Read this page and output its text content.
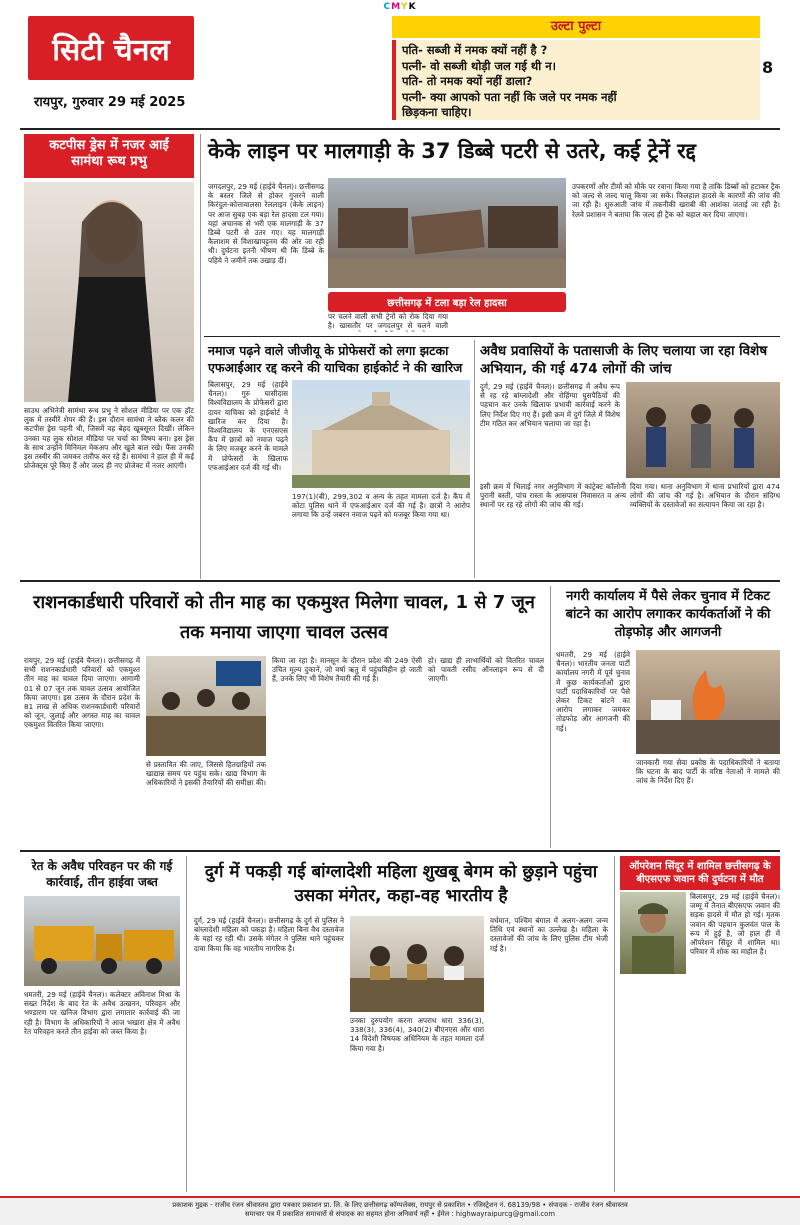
CMYK
सिटी चैनल
रायपुर, गुरुवार 29 मई 2025
उल्टा पुल्टा
पति- सब्जी में नमक क्यों नहीं है ?
पत्नी- वो सब्जी थोड़ी जल गई थी न।
पति- तो नमक क्यों नहीं डाला?
पत्नी- क्या आपको पता नहीं कि जले पर नमक नहीं
छिड़कना चाहिए।
8
कटपीस ड्रेस में नजर आईं सामंथा रूथ प्रभु
साउथ अभिनेत्री सामंथा रूथ प्रभु ने सोशल मीडिया पर एक हॉट लुक में तस्वीरें शेयर की हैं। इस दौरान सामंथा ने ब्लैक कलर की कटपीस ड्रेस पहनी थी, जिसमें वह बेहद खूबसूरत दिखीं। लेकिन उनका यह लुक सोशल मीडिया पर चर्चा का विषय बना। इस ड्रेस के साथ उन्होंने मिनिमल मेकअप और खुले बाल रखे। फैंस उनकी इस तस्वीर की जमकर तारीफ कर रहे हैं। सामंथा ने हाल ही में कई प्रोजेक्ट्स पूरे किए हैं और जल्द ही नए प्रोजेक्ट में नजर आएंगी।
केके लाइन पर मालगाड़ी के 37 डिब्बे पटरी से उतरे, कई ट्रेनें रद्द
जगदलपुर, 29 मई (हाईवे चैनल)। छत्तीसगढ़ के बस्तर जिले से होकर गुजरने वाली किरंदुल-कोत्तावालसा रेललाइन (केके लाइन) पर आज सुबह एक बड़ा रेल हादसा टल गया। यहां अचानक से भरी एक मालगाड़ी के 37 डिब्बे पटरी से उतर गए। यह मालगाड़ी कैलाशम से विशाखापट्टनम की ओर जा रही थी। दुर्घटना इतनी भीषण थी कि डिब्बे के पहिये ने जमीनें तक उखाड़ दीं।
छत्तीसगढ़ में टला बड़ा रेल हादसा
पर चलने वाली सभी ट्रेनों को रोक दिया गया है। खासतौर पर जगदलपुर से चलने वाली
उपकरणों और टीमों को मौके पर रवाना किया गया है ताकि डिब्बों को हटाकर ट्रैक को जल्द से जल्द चालू किया जा सके। फिलहाल हादसे के कारणों की जांच की जा रही है। शुरुआती जांच में तकनीकी खराबी की आशंका जताई जा रही है। रेलवे प्रशासन ने बताया कि जल्द ही ट्रैक को बहाल कर दिया जाएगा।
नमाज पढ़ने वाले जीजीयू के प्रोफेसरों को लगा झटका एफआईआर रद्द करने की याचिका हाईकोर्ट ने की खारिज
बिलासपुर, 29 मई (हाईवे चैनल)। गुरु घासीदास विश्वविद्यालय के प्रोफेसरों द्वारा दायर याचिका को हाईकोर्ट ने खारिज कर दिया है। विश्वविद्यालय के एनएसएस कैंप में छात्रों को नमाज पढ़ने के लिए मजबूर करने के मामले में प्रोफेसरों के खिलाफ एफआईआर दर्ज की गई थी।
197(1)(बी), 299,302 व अन्य के तहत मामला दर्ज है। कैंप में कोटा पुलिस थाने में एफआईआर दर्ज की गई है। छात्रों ने आरोप लगाया कि उन्हें जबरन नमाज पढ़ने को मजबूर किया गया था।
अवैध प्रवासियों के पतासाजी के लिए चलाया जा रहा विशेष अभियान, की गई 474 लोगों की जांच
दुर्ग, 29 मई (हाईवे चैनल)। छत्तीसगढ़ में अवैध रूप से रह रहे बांग्लादेशी और रोहिंग्या घुसपैठियों की पहचान कर उनके खिलाफ प्रभावी कार्रवाई करने के लिए निर्देश दिए गए हैं। इसी क्रम में दुर्ग जिले में विशेष टीम गठित कर अभियान चलाया जा रहा है।
इसी क्रम में भिलाई नगर अनुविभाग में कांट्रेक्ट कॉलोनी पुरानी बस्ती, पांच रास्ता के आसपास निवासरत व अन्य स्थानों पर रह रहे लोगों की जांच की गई।
दिया गया। थाना अनुविभाग में थाना प्रभारियों द्वारा 474 लोगों की जांच की गई है। अभियान के दौरान संदिग्ध व्यक्तियों के दस्तावेजों का सत्यापन किया जा रहा है।
राशनकार्डधारी परिवारों को तीन माह का एकमुश्त मिलेगा चावल, 1 से 7 जून तक मनाया जाएगा चावल उत्सव
रायपुर, 29 मई (हाईवे चैनल)। छत्तीसगढ़ में सभी राशनकार्डधारी परिवारों को एकमुश्त तीन माह का चावल दिया जाएगा। आगामी 01 से 07 जून तक चावल उत्सव आयोजित किया जाएगा। इस उत्सव के दौरान प्रदेश के 81 लाख से अधिक राशनकार्डधारी परिवारों को जून, जुलाई और अगस्त माह का चावल एकमुश्त वितरित किया जाएगा।
से प्रस्तावित की जाए, जिससे हितग्राहियों तक खाद्यान्न समय पर पहुंच सके। खाद्य विभाग के अधिकारियों ने इसकी तैयारियों की समीक्षा की।
किया जा रहा है। मानसून के दौरान प्रदेश की 249 ऐसी उचित मूल्य दुकानें, जो वर्षा ऋतु में पहुंचविहीन हो जाती हैं, उनके लिए भी विशेष तैयारी की गई है।
हो। खाद्य ही लाभार्थियों को वितरित चावल को पावती रसीद ऑनलाइन रूप से दी जाएगी।
नगरी कार्यालय में पैसे लेकर चुनाव में टिकट बांटने का आरोप लगाकर कार्यकर्ताओं ने की तोड़फोड़ और आगजनी
धमतरी, 29 मई (हाईवे चैनल)। भारतीय जनता पार्टी कार्यालय नगरी में पूर्व चुनाव में कुछ कार्यकर्ताओं द्वारा पार्टी पदाधिकारियों पर पैसे लेकर टिकट बांटने का आरोप लगाकर जमकर तोड़फोड़ और आगजनी की गई।
जानकारी गया सेवा प्रकोष्ठ के पदाधिकारियों ने बताया कि घटना के बाद पार्टी के वरिष्ठ नेताओं ने मामले की जांच के निर्देश दिए हैं।
रेत के अवैध परिवहन पर की गई कार्रवाई, तीन हाईवा जब्त
धमतरी, 29 मई (हाईवे चैनल)। कलेक्टर अविनाश मिश्रा के सख्त निर्देश के बाद रेत के अवैध उत्खनन, परिवहन और भण्डारण पर खनिज विभाग द्वारा लगातार कार्रवाई की जा रही है। विभाग के अधिकारियों ने आज भखारा क्षेत्र में अवैध रेत परिवहन करते तीन हाईवा को जब्त किया है।
दुर्ग में पकड़ी गई बांग्लादेशी महिला शुखबू बेगम को छुड़ाने पहुंचा उसका मंगेतर, कहा-वह भारतीय है
दुर्ग, 29 मई (हाईवे चैनल)। छत्तीसगढ़ के दुर्ग से पुलिस ने बांग्लादेशी महिला को पकड़ा है। महिला बिना वैध दस्तावेज के यहां रह रही थी। उसके मंगेतर ने पुलिस थाने पहुंचकर दावा किया कि वह भारतीय नागरिक है।
उनका दुरुपयोग करना अपराध धारा 336(3), 338(3), 336(4), 340(2) बीएनएस और धारा 14 विदेशी विषयक अधिनियम के तहत मामला दर्ज किया गया है।
वर्धमान, पश्चिम बंगाल में अलग-अलग जन्म तिथि एवं स्थानों का उल्लेख है। महिला के दस्तावेजों की जांच के लिए पुलिस टीम भेजी गई है।
ऑपरेशन सिंदूर में शामिल छत्तीसगढ़ के बीएसएफ जवान की दुर्घटना में मौत
बिलासपुर, 29 मई (हाईवे चैनल)। जम्मू में तैनात बीएसएफ जवान की सड़क हादसे में मौत हो गई। मृतक जवान की पहचान कुलवंत पाल के रूप में हुई है, जो हाल ही में ऑपरेशन सिंदूर में शामिल था। परिवार में शोक का माहौल है।
प्रकाशक मुद्रक - राजीव रंजन श्रीवास्तव द्वारा पत्रकार प्रकाशन प्रा. लि. के लिए छत्तीसगढ़ कॉम्पलेक्स, रायपुर से प्रकाशित • रजिस्ट्रेशन नं. 68139/98 • संपादक - राजीव रंजन श्रीवास्तव
समाचार पत्र में प्रकाशित समाचारों से संपादक का सहमत होना अनिवार्य नहीं • ईमेल : highwayraipurcg@gmail.com
